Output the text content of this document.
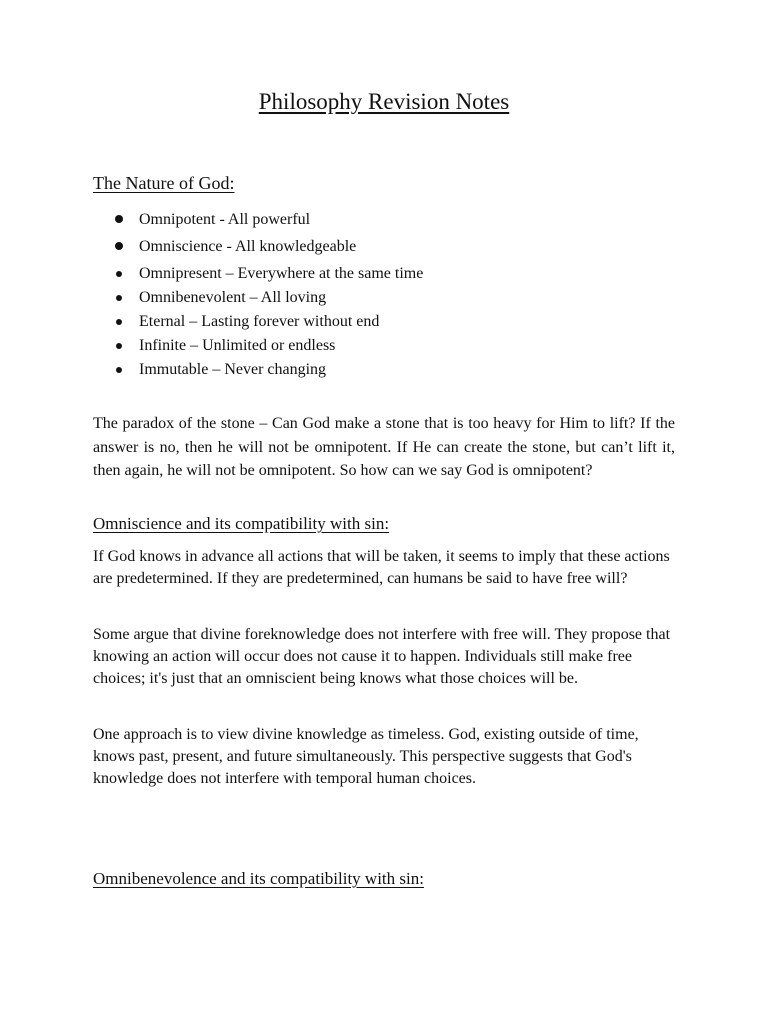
Philosophy Revision Notes
The Nature of God:
Omnipotent - All powerful
Omniscience - All knowledgeable
Omnipresent – Everywhere at the same time
Omnibenevolent – All loving
Eternal – Lasting forever without end
Infinite – Unlimited or endless
Immutable – Never changing

The paradox of the stone – Can God make a stone that is too heavy for Him to lift? If the answer is no, then he will not be omnipotent. If He can create the stone, but can’t lift it, then again, he will not be omnipotent. So how can we say God is omnipotent?

Omniscience and its compatibility with sin:

If God knows in advance all actions that will be taken, it seems to imply that these actions are predetermined. If they are predetermined, can humans be said to have free will?

Some argue that divine foreknowledge does not interfere with free will. They propose that knowing an action will occur does not cause it to happen. Individuals still make free choices; it's just that an omniscient being knows what those choices will be.

One approach is to view divine knowledge as timeless. God, existing outside of time, knows past, present, and future simultaneously. This perspective suggests that God's knowledge does not interfere with temporal human choices.

Omnibenevolence and its compatibility with sin:
